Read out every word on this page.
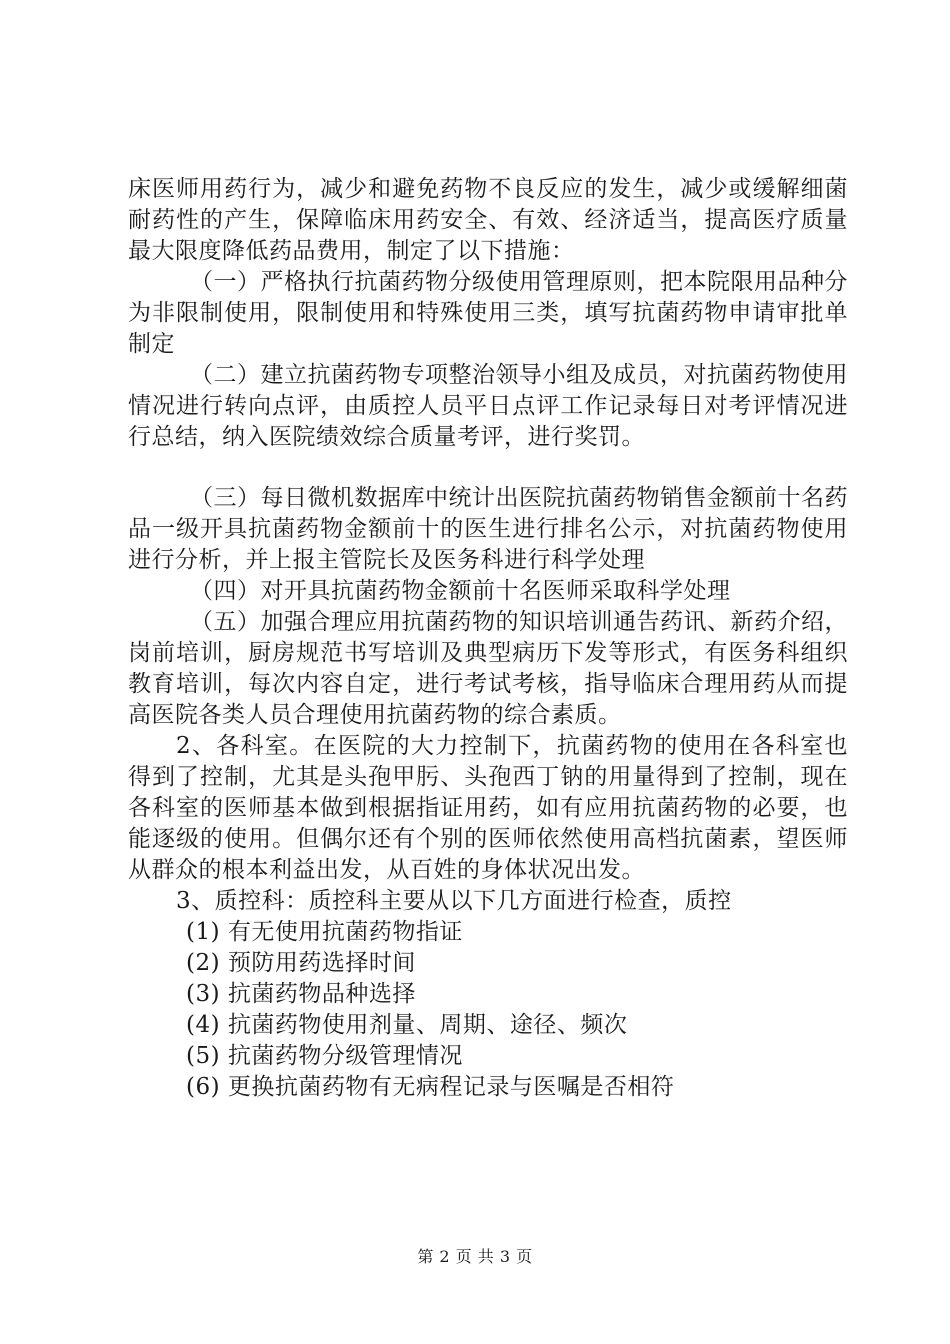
床医师用药行为，减少和避免药物不良反应的发生，减少或缓解细菌耐药性的产生，保障临床用药安全、有效、经济适当，提高医疗质量最大限度降低药品费用，制定了以下措施：

（一）严格执行抗菌药物分级使用管理原则，把本院限用品种分为非限制使用，限制使用和特殊使用三类，填写抗菌药物申请审批单制定

（二）建立抗菌药物专项整治领导小组及成员，对抗菌药物使用情况进行转向点评，由质控人员平日点评工作记录每日对考评情况进行总结，纳入医院绩效综合质量考评，进行奖罚。

（三）每日微机数据库中统计出医院抗菌药物销售金额前十名药品一级开具抗菌药物金额前十的医生进行排名公示，对抗菌药物使用进行分析，并上报主管院长及医务科进行科学处理

（四）对开具抗菌药物金额前十名医师采取科学处理

（五）加强合理应用抗菌药物的知识培训通告药讯、新药介绍，岗前培训，厨房规范书写培训及典型病历下发等形式，有医务科组织教育培训，每次内容自定，进行考试考核，指导临床合理用药从而提高医院各类人员合理使用抗菌药物的综合素质。

2、各科室。在医院的大力控制下，抗菌药物的使用在各科室也得到了控制，尤其是头孢甲肟、头孢西丁钠的用量得到了控制，现在各科室的医师基本做到根据指证用药，如有应用抗菌药物的必要，也能逐级的使用。但偶尔还有个别的医师依然使用高档抗菌素，望医师从群众的根本利益出发，从百姓的身体状况出发。

3、质控科：质控科主要从以下几方面进行检查，质控

(1) 有无使用抗菌药物指证

(2) 预防用药选择时间

(3) 抗菌药物品种选择

(4) 抗菌药物使用剂量、周期、途径、频次

(5) 抗菌药物分级管理情况

(6) 更换抗菌药物有无病程记录与医嘱是否相符

第 2 页 共 3 页
